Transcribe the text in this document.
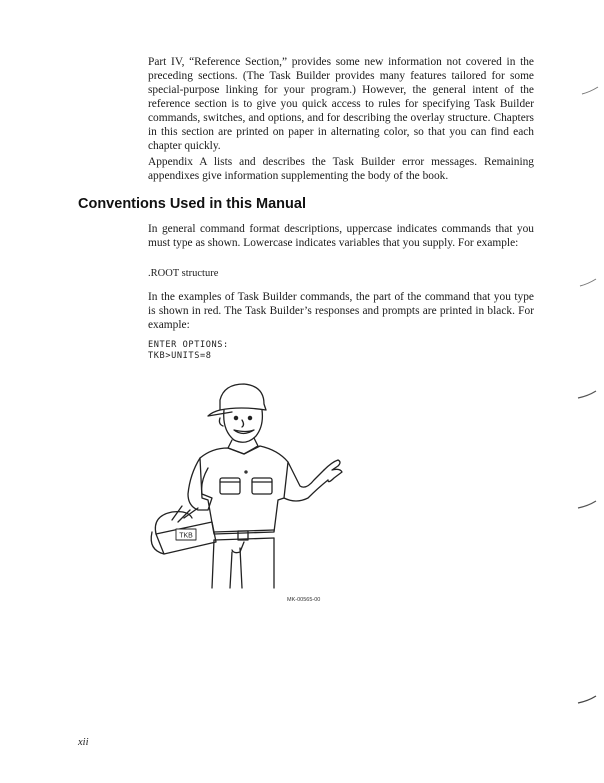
Part IV, “Reference Section,” provides some new information not covered in the preceding sections. (The Task Builder provides many features tailored for some special-purpose linking for your program.) However, the general intent of the reference section is to give you quick access to rules for specifying Task Builder commands, switches, and options, and for describing the overlay structure. Chapters in this section are printed on paper in alternating color, so that you can find each chapter quickly.

Appendix A lists and describes the Task Builder error messages. Remaining appendixes give information supplementing the body of the book.

Conventions Used in this Manual

In general command format descriptions, uppercase indicates commands that you must type as shown. Lowercase indicates variables that you supply. For example:

.ROOT structure

In the examples of Task Builder commands, the part of the command that you type is shown in red. The Task Builder’s responses and prompts are printed in black. For example:

ENTER OPTIONS:
TKB>UNITS=8
TKB

MK-00565-00

xii
